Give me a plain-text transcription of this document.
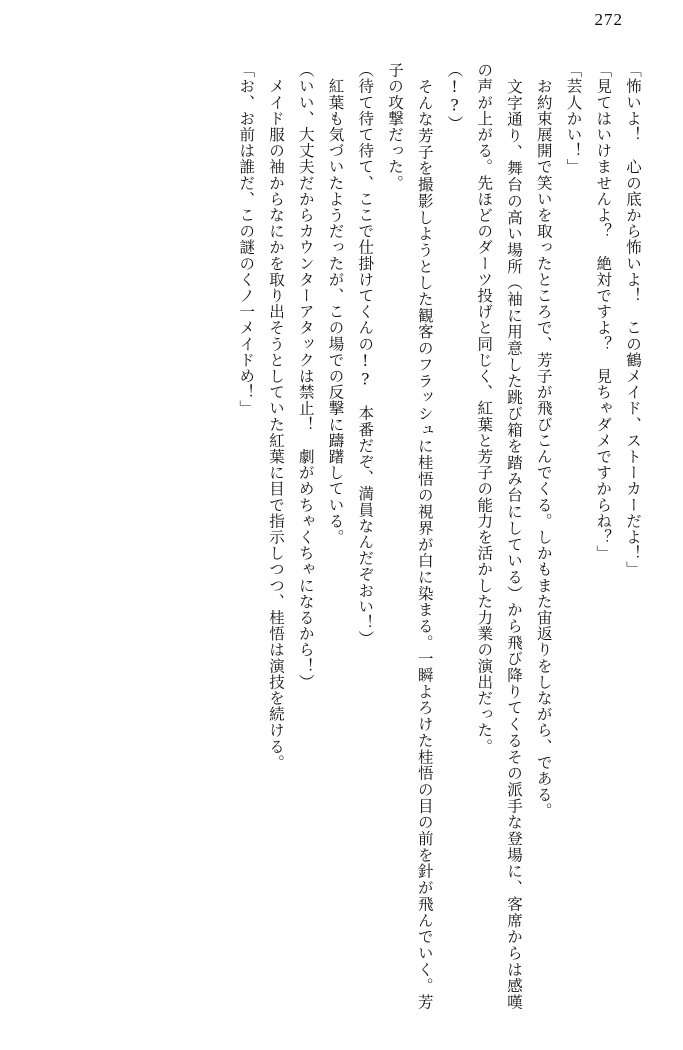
272

「怖いよ！　心の底から怖いよ！　この鶴メイド、ストーカーだよ！」

「見てはいけませんよ？　絶対ですよ？　見ちゃダメですからね？」

「芸人かい！」

　お約束展開で笑いを取ったところで、芳子が飛びこんでくる。しかもまた宙返りをしながら、である。

　文字通り、舞台の高い場所（袖に用意した跳び箱を踏み台にしている）から飛び降りてくるその派手な登場に、客席からは感嘆の声が上がる。先ほどのダーツ投げと同じく、紅葉と芳子の能力を活かした力業の演出だった。

（!?）

　そんな芳子を撮影しようとした観客のフラッシュに桂悟の視界が白に染まる。一瞬よろけた桂悟の目の前を針が飛んでいく。芳子の攻撃だった。

（待て待て待て、ここで仕掛けてくんの!?　本番だぞ、満員なんだぞおい！）

　紅葉も気づいたようだったが、この場での反撃に躊躇している。

（いい、大丈夫だからカウンターアタックは禁止！　劇がめちゃくちゃになるから！）

　メイド服の袖からなにかを取り出そうとしていた紅葉に目で指示しつつ、桂悟は演技を続ける。

「お、お前は誰だ、この謎のくノ一メイドめ！」
